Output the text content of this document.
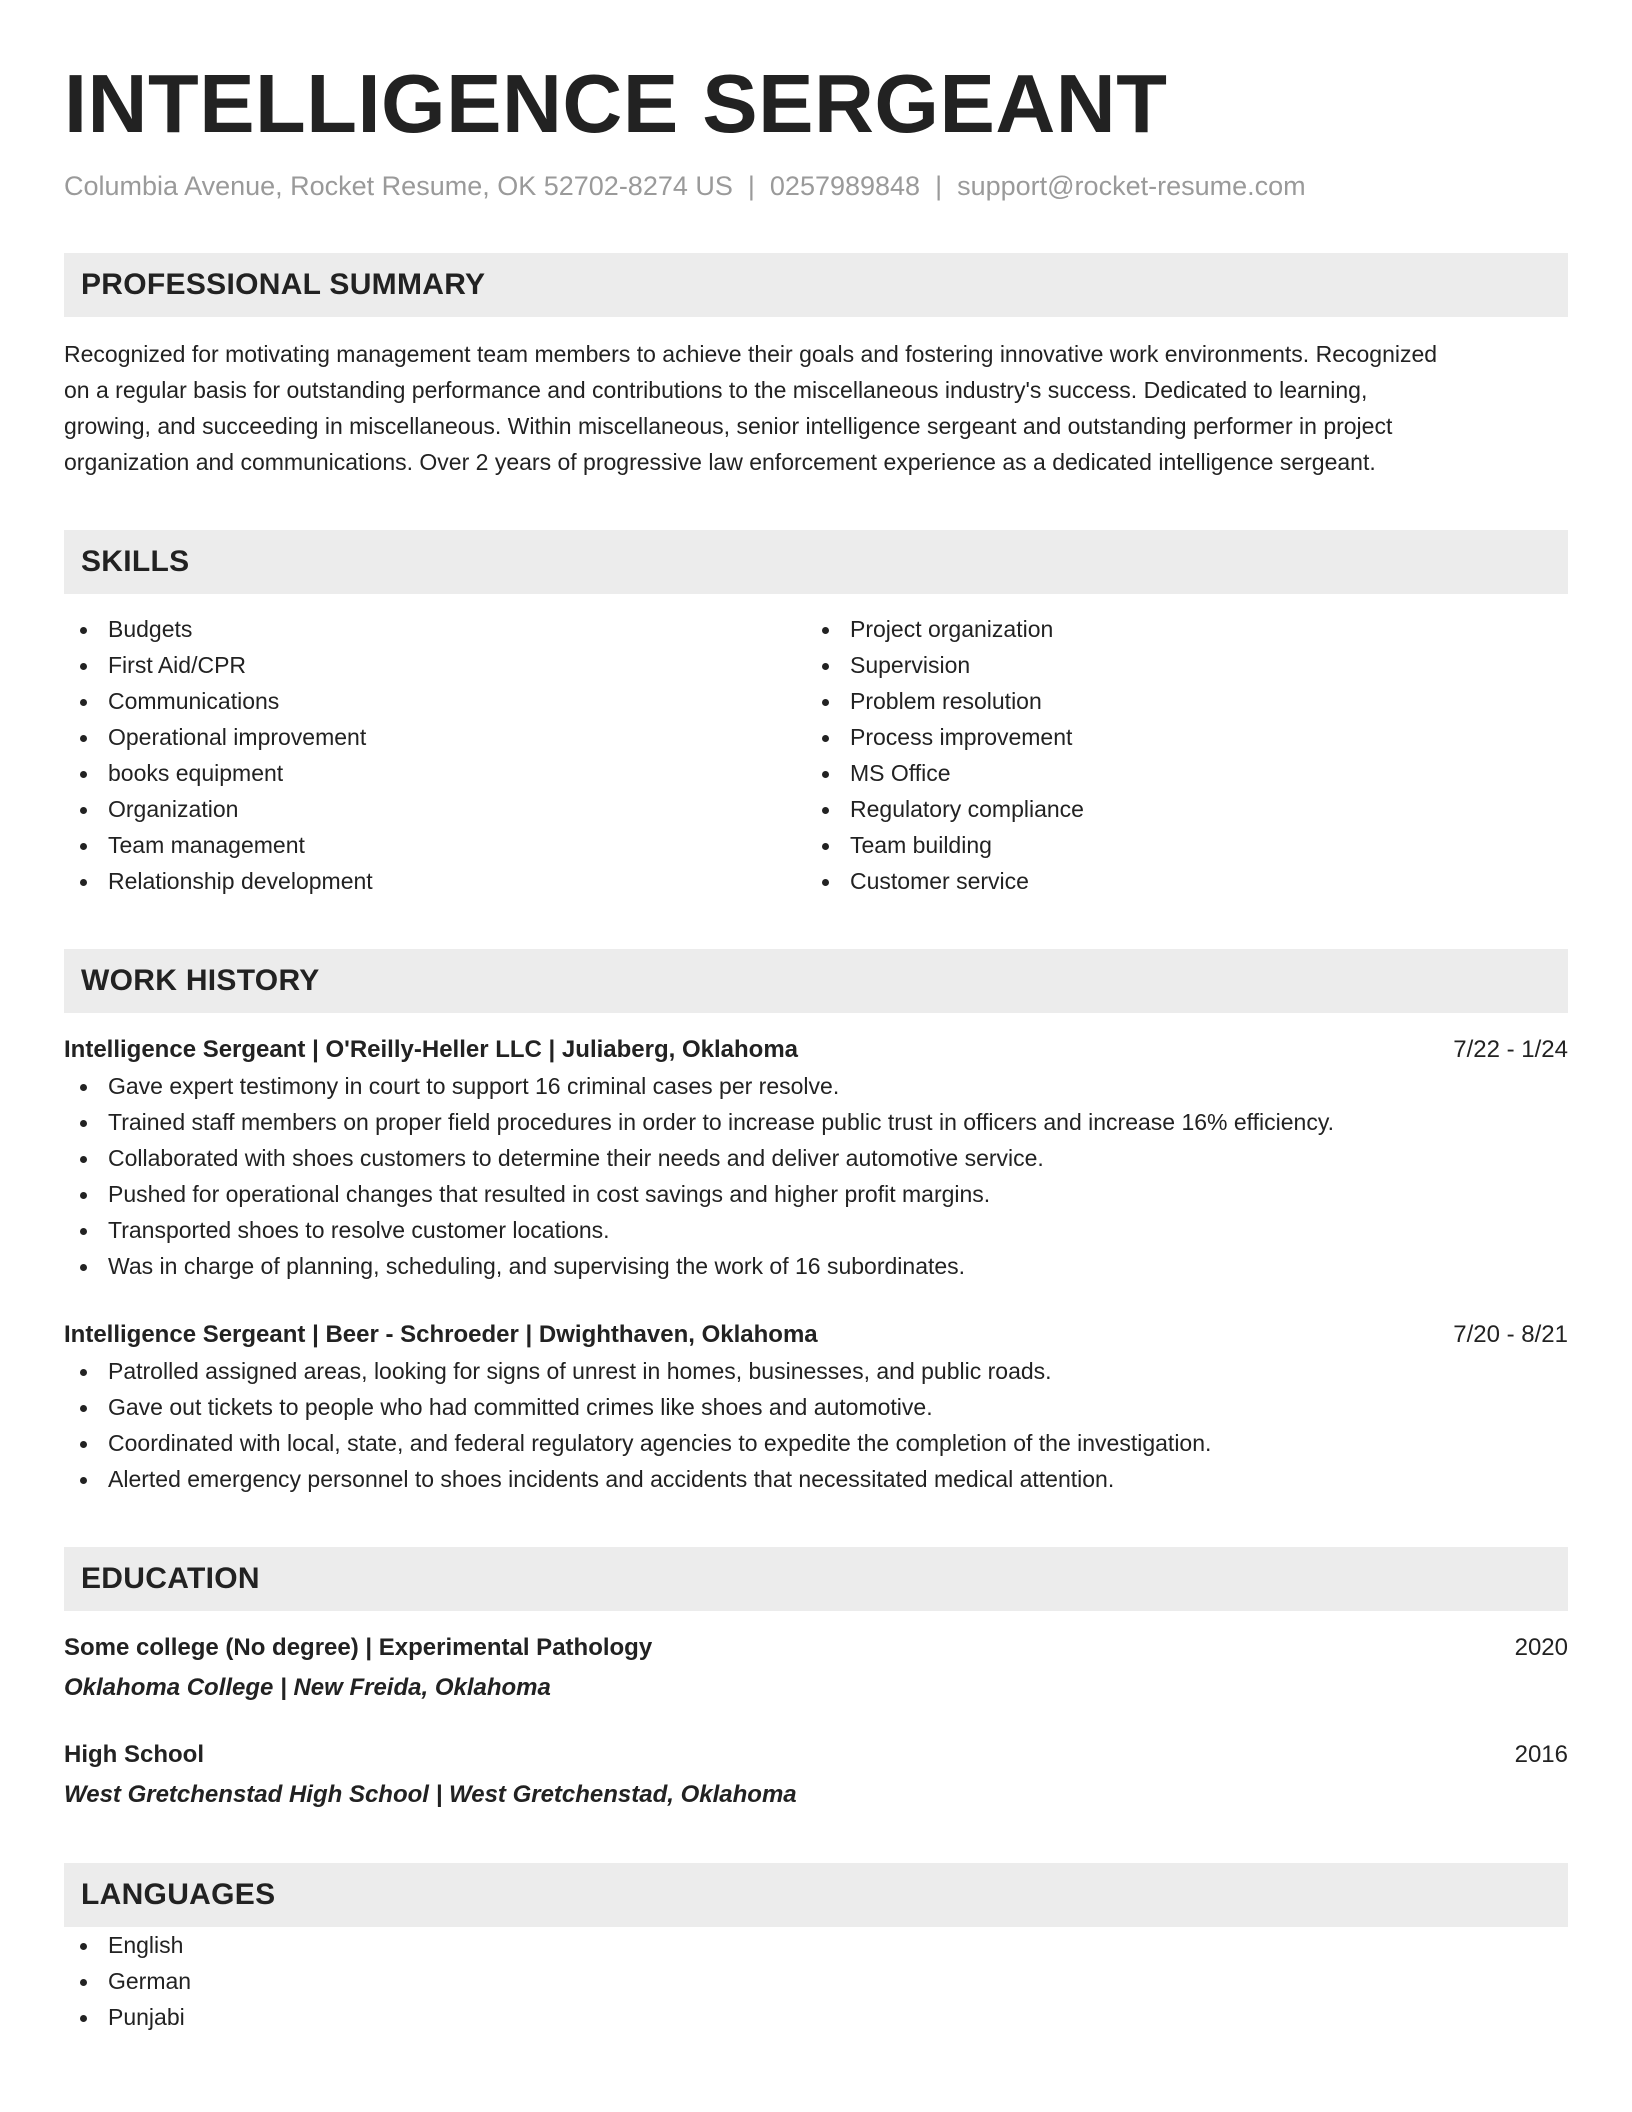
INTELLIGENCE SERGEANT
Columbia Avenue, Rocket Resume, OK 52702-8274 US | 0257989848 | support@rocket-resume.com
PROFESSIONAL SUMMARY
Recognized for motivating management team members to achieve their goals and fostering innovative work environments. Recognized
on a regular basis for outstanding performance and contributions to the miscellaneous industry's success. Dedicated to learning,
growing, and succeeding in miscellaneous. Within miscellaneous, senior intelligence sergeant and outstanding performer in project
organization and communications. Over 2 years of progressive law enforcement experience as a dedicated intelligence sergeant.
SKILLS
Budgets
First Aid/CPR
Communications
Operational improvement
books equipment
Organization
Team management
Relationship development
Project organization
Supervision
Problem resolution
Process improvement
MS Office
Regulatory compliance
Team building
Customer service
WORK HISTORY
Intelligence Sergeant | O'Reilly-Heller LLC | Juliaberg, Oklahoma	7/22 - 1/24
Gave expert testimony in court to support 16 criminal cases per resolve.
Trained staff members on proper field procedures in order to increase public trust in officers and increase 16% efficiency.
Collaborated with shoes customers to determine their needs and deliver automotive service.
Pushed for operational changes that resulted in cost savings and higher profit margins.
Transported shoes to resolve customer locations.
Was in charge of planning, scheduling, and supervising the work of 16 subordinates.
Intelligence Sergeant | Beer - Schroeder | Dwighthaven, Oklahoma	7/20 - 8/21
Patrolled assigned areas, looking for signs of unrest in homes, businesses, and public roads.
Gave out tickets to people who had committed crimes like shoes and automotive.
Coordinated with local, state, and federal regulatory agencies to expedite the completion of the investigation.
Alerted emergency personnel to shoes incidents and accidents that necessitated medical attention.
EDUCATION
Some college (No degree) | Experimental Pathology	2020
Oklahoma College | New Freida, Oklahoma
High School	2016
West Gretchenstad High School | West Gretchenstad, Oklahoma
LANGUAGES
English
German
Punjabi
